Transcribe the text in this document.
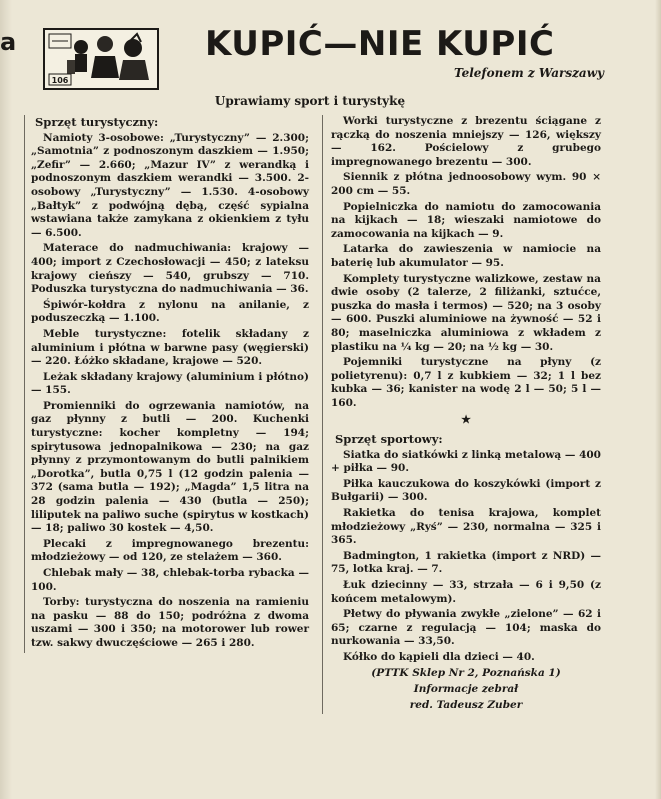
a
106
KUPIĆ—NIE KUPIĆ
Telefonem z Warszawy
Uprawiamy sport i turystykę
Sprzęt turystyczny:

Namioty 3-osobowe: „Turystyczny” — 2.300; „Samotnia” z podnoszonym daszkiem — 1.950; „Zefir” — 2.660; „Mazur IV” z werandką i podnoszonym daszkiem werandki — 3.500. 2-osobowy „Turystyczny” — 1.530. 4-osobowy „Bałtyk” z podwójną dębą, część sypialna wstawiana także zamykana z okienkiem z tyłu — 6.500.

Materace do nadmuchiwania: krajowy — 400; import z Czechosłowacji — 450; z lateksu krajowy cieńszy — 540, grubszy — 710. Poduszka turystyczna do nadmuchiwania — 36.

Śpiwór-kołdra z nylonu na anilanie, z poduszeczką — 1.100.

Meble turystyczne: fotelik składany z aluminium i płótna w barwne pasy (węgierski) — 220. Łóżko składane, krajowe — 520.

Leżak składany krajowy (aluminium i płótno) — 155.

Promienniki do ogrzewania namiotów, na gaz płynny z butli — 200. Kuchenki turystyczne: kocher kompletny — 194; spirytusowa jednopalnikowa — 230; na gaz płynny z przymontowanym do butli palnikiem „Dorotka”, butla 0,75 l (12 godzin palenia — 372 (sama butla — 192); „Magda” 1,5 litra na 28 godzin palenia — 430 (butla — 250); liliputek na paliwo suche (spirytus w kostkach) — 18; paliwo 30 kostek — 4,50.

Plecaki z impregnowanego brezentu: młodzieżowy — od 120, ze stelażem — 360.

Chlebak mały — 38, chlebak-torba rybacka — 100.

Torby: turystyczna do noszenia na ramieniu na pasku — 88 do 150; podróżna z dwoma uszami — 300 i 350; na motorower lub rower tzw. sakwy dwuczęściowe — 265 i 280.

Worki turystyczne z brezentu ściągane z rączką do noszenia mniejszy — 126, większy — 162. Pościelowy z grubego impregnowanego brezentu — 300.

Siennik z płótna jednoosobowy wym. 90 × 200 cm — 55.

Popielniczka do namiotu do zamocowania na kijkach — 18; wieszaki namiotowe do zamocowania na kijkach — 9.

Latarka do zawieszenia w namiocie na baterię lub akumulator — 95.

Komplety turystyczne walizkowe, zestaw na dwie osoby (2 talerze, 2 filiżanki, sztućce, puszka do masła i termos) — 520; na 3 osoby — 600. Puszki aluminiowe na żywność — 52 i 80; maselniczka aluminiowa z wkładem z plastiku na ¼ kg — 20; na ½ kg — 30.

Pojemniki turystyczne na płyny (z polietyrenu): 0,7 l z kubkiem — 32; 1 l bez kubka — 36; kanister na wodę 2 l — 50; 5 l — 160.

★
Sprzęt sportowy:

Siatka do siatkówki z linką metalową — 400 + piłka — 90.

Piłka kauczukowa do koszykówki (import z Bułgarii) — 300.

Rakietka do tenisa krajowa, komplet młodzieżowy „Ryś” — 230, normalna — 325 i 365.

Badmington, 1 rakietka (import z NRD) — 75, lotka kraj. — 7.

Łuk dziecinny — 33, strzała — 6 i 9,50 (z końcem metalowym).

Płetwy do pływania zwykłe „zielone” — 62 i 65; czarne z regulacją — 104; maska do nurkowania — 33,50.

Kółko do kąpieli dla dzieci — 40.

(PTTK Sklep Nr 2, Poznańska 1)

Informacje zebrał

red. Tadeusz Zuber
